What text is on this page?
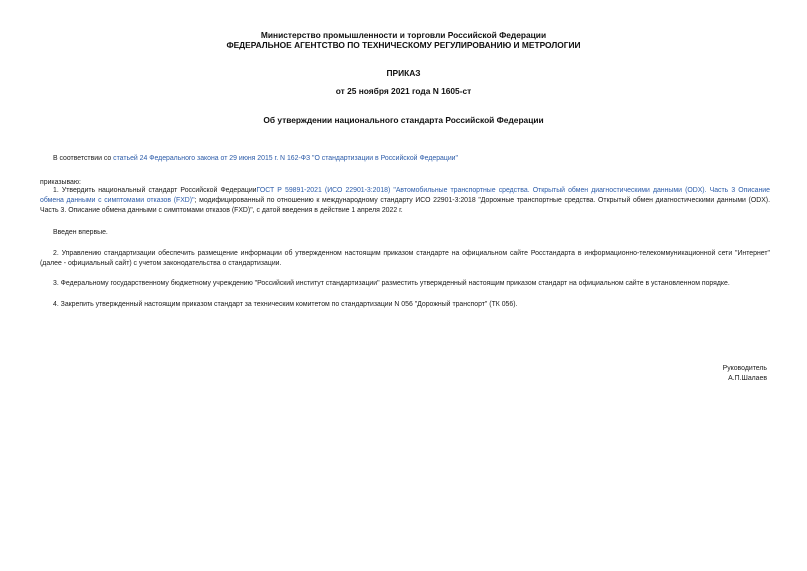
Министерство промышленности и торговли Российской Федерации
ФЕДЕРАЛЬНОЕ АГЕНТСТВО ПО ТЕХНИЧЕСКОМУ РЕГУЛИРОВАНИЮ И МЕТРОЛОГИИ
ПРИКАЗ
от 25 ноября 2021 года N 1605-ст
Об утверждении национального стандарта Российской Федерации
В соответствии со статьей 24 Федерального закона от 29 июня 2015 г. N 162-ФЗ "О стандартизации в Российской Федерации"
приказываю:
1. Утвердить национальный стандарт Российской ФедерацииГОСТ Р 59891-2021 (ИСО 22901-3:2018) "Автомобильные транспортные средства. Открытый обмен диагностическими данными (ODX). Часть 3 Описание обмена данными с симптомами отказов (FXD)"; модифицированный по отношению к международному стандарту ИСО 22901-3:2018 "Дорожные транспортные средства. Открытый обмен диагностическими данными (ODX). Часть 3. Описание обмена данными с симптомами отказов (FXD)", с датой введения в действие 1 апреля 2022 г.
Введен впервые.
2. Управлению стандартизации обеспечить размещение информации об утвержденном настоящим приказом стандарте на официальном сайте Росстандарта в информационно-телекоммуникационной сети "Интернет" (далее - официальный сайт) с учетом законодательства о стандартизации.
3. Федеральному государственному бюджетному учреждению "Российский институт стандартизации" разместить утвержденный настоящим приказом стандарт на официальном сайте в установленном порядке.
4. Закрепить утвержденный настоящим приказом стандарт за техническим комитетом по стандартизации N 056 "Дорожный транспорт" (ТК 056).
Руководитель
А.П.Шалаев
